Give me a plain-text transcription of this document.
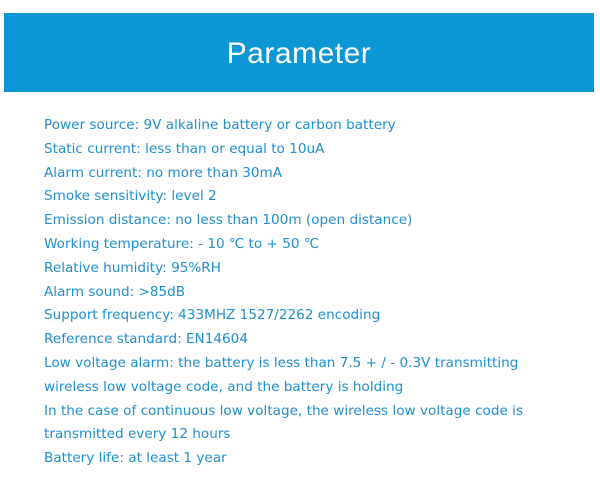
Parameter
Power source: 9V alkaline battery or carbon battery
Static current: less than or equal to 10uA
Alarm current: no more than 30mA
Smoke sensitivity: level 2
Emission distance: no less than 100m (open distance)
Working temperature: - 10 ℃ to + 50 ℃
Relative humidity: 95%RH
Alarm sound: >85dB
Support frequency: 433MHZ 1527/2262 encoding
Reference standard: EN14604
Low voltage alarm: the battery is less than 7.5 + / - 0.3V transmitting
wireless low voltage code, and the battery is holding
In the case of continuous low voltage, the wireless low voltage code is
transmitted every 12 hours
Battery life: at least 1 year
